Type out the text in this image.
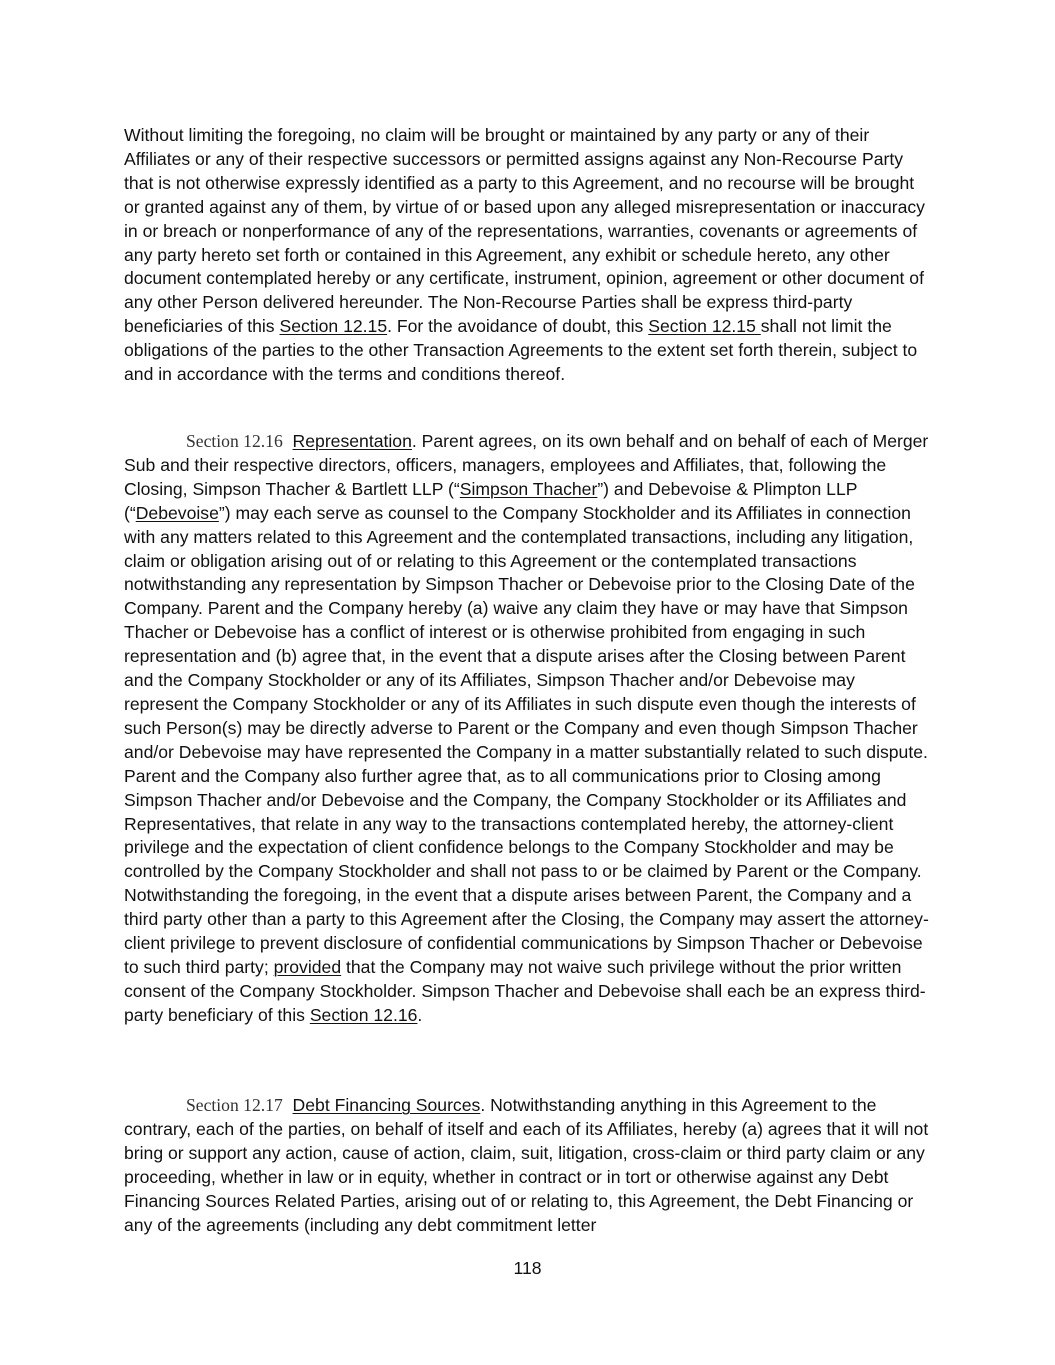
Without limiting the foregoing, no claim will be brought or maintained by any party or any of their Affiliates or any of their respective successors or permitted assigns against any Non-Recourse Party that is not otherwise expressly identified as a party to this Agreement, and no recourse will be brought or granted against any of them, by virtue of or based upon any alleged misrepresentation or inaccuracy in or breach or nonperformance of any of the representations, warranties, covenants or agreements of any party hereto set forth or contained in this Agreement, any exhibit or schedule hereto, any other document contemplated hereby or any certificate, instrument, opinion, agreement or other document of any other Person delivered hereunder. The Non-Recourse Parties shall be express third-party beneficiaries of this Section 12.15. For the avoidance of doubt, this Section 12.15 shall not limit the obligations of the parties to the other Transaction Agreements to the extent set forth therein, subject to and in accordance with the terms and conditions thereof.

Section 12.16 Representation. Parent agrees, on its own behalf and on behalf of each of Merger Sub and their respective directors, officers, managers, employees and Affiliates, that, following the Closing, Simpson Thacher & Bartlett LLP (“Simpson Thacher”) and Debevoise & Plimpton LLP (“Debevoise”) may each serve as counsel to the Company Stockholder and its Affiliates in connection with any matters related to this Agreement and the contemplated transactions, including any litigation, claim or obligation arising out of or relating to this Agreement or the contemplated transactions notwithstanding any representation by Simpson Thacher or Debevoise prior to the Closing Date of the Company. Parent and the Company hereby (a) waive any claim they have or may have that Simpson Thacher or Debevoise has a conflict of interest or is otherwise prohibited from engaging in such representation and (b) agree that, in the event that a dispute arises after the Closing between Parent and the Company Stockholder or any of its Affiliates, Simpson Thacher and/or Debevoise may represent the Company Stockholder or any of its Affiliates in such dispute even though the interests of such Person(s) may be directly adverse to Parent or the Company and even though Simpson Thacher and/or Debevoise may have represented the Company in a matter substantially related to such dispute. Parent and the Company also further agree that, as to all communications prior to Closing among Simpson Thacher and/or Debevoise and the Company, the Company Stockholder or its Affiliates and Representatives, that relate in any way to the transactions contemplated hereby, the attorney-client privilege and the expectation of client confidence belongs to the Company Stockholder and may be controlled by the Company Stockholder and shall not pass to or be claimed by Parent or the Company. Notwithstanding the foregoing, in the event that a dispute arises between Parent, the Company and a third party other than a party to this Agreement after the Closing, the Company may assert the attorney-client privilege to prevent disclosure of confidential communications by Simpson Thacher or Debevoise to such third party; provided that the Company may not waive such privilege without the prior written consent of the Company Stockholder. Simpson Thacher and Debevoise shall each be an express third-party beneficiary of this Section 12.16.

Section 12.17 Debt Financing Sources. Notwithstanding anything in this Agreement to the contrary, each of the parties, on behalf of itself and each of its Affiliates, hereby (a) agrees that it will not bring or support any action, cause of action, claim, suit, litigation, cross-claim or third party claim or any proceeding, whether in law or in equity, whether in contract or in tort or otherwise against any Debt Financing Sources Related Parties, arising out of or relating to, this Agreement, the Debt Financing or any of the agreements (including any debt commitment letter

118
